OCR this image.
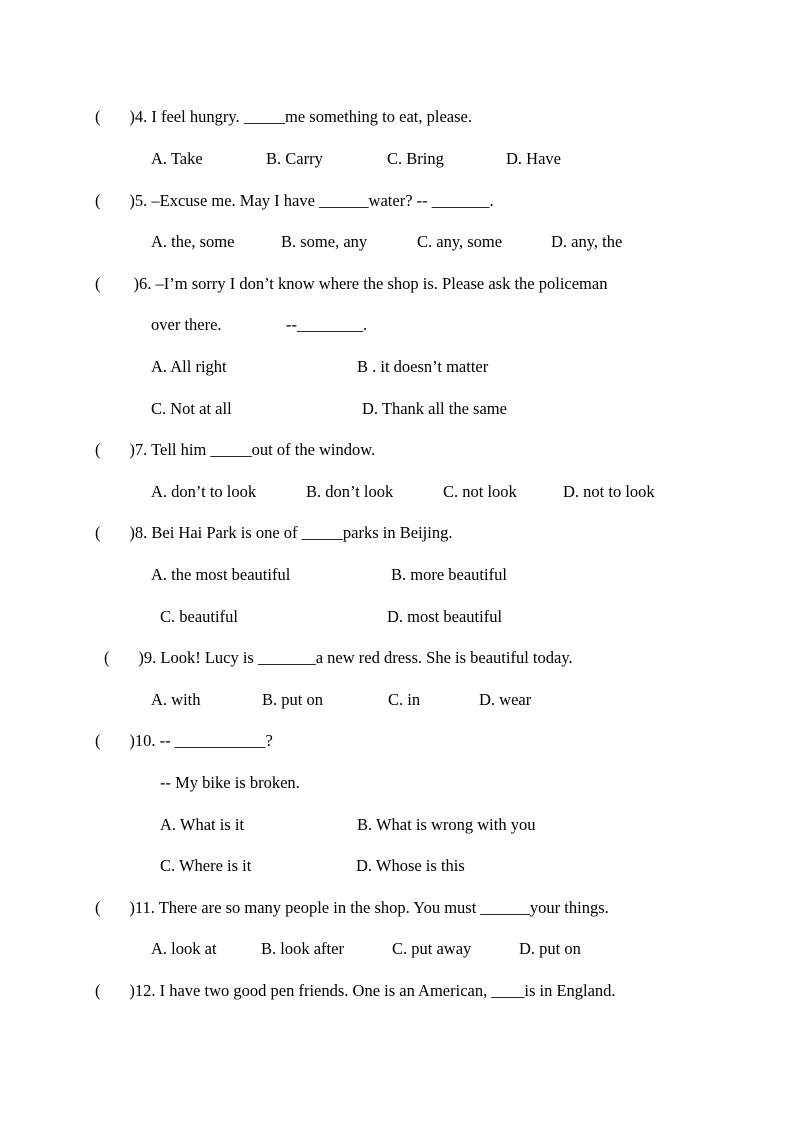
(       )4. I feel hungry. _____me something to eat, please.
A. Take	B. Carry	C. Bring	D. Have
(       )5. –Excuse me. May I have ______water? -- _______.
A. the, some	B. some, any	C. any, some	D. any, the
(        )6. –I’m sorry I don’t know where the shop is. Please ask the policeman
over there.	--________.
A. All right	B . it doesn’t matter
C. Not at all	D. Thank all the same
(       )7. Tell him _____out of the window.
A. don’t to look	B. don’t look	C. not look	D. not to look
(       )8. Bei Hai Park is one of _____parks in Beijing.
A. the most beautiful	B. more beautiful
C. beautiful	D. most beautiful
(       )9. Look! Lucy is _______a new red dress. She is beautiful today.
A. with	B. put on	C. in	D. wear
(       )10. -- ___________?
-- My bike is broken.
A. What is it	B. What is wrong with you
C. Where is it	D. Whose is this
(       )11. There are so many people in the shop. You must ______your things.
A. look at	B. look after	C. put away	D. put on
(       )12. I have two good pen friends. One is an American, ____is in England.
